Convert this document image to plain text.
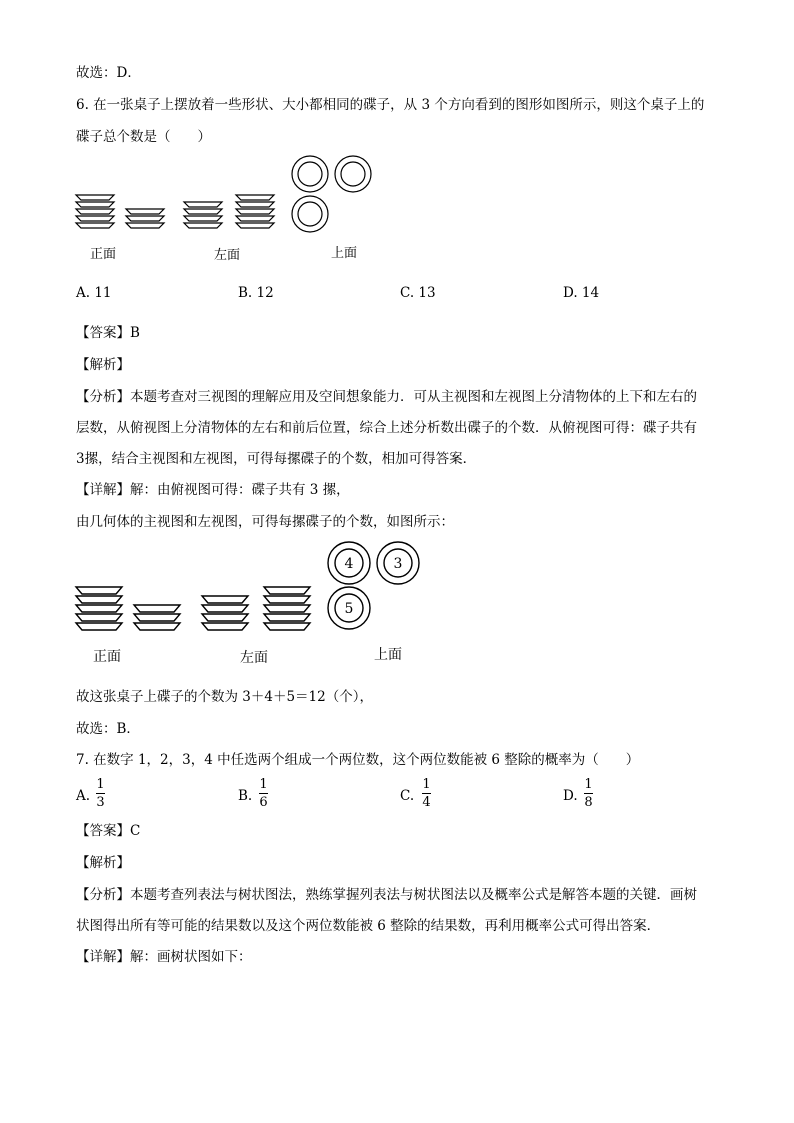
故选：D．
6. 在一张桌子上摆放着一些形状、大小都相同的碟子，从 3 个方向看到的图形如图所示，则这个桌子上的
碟子总个数是（　　）
正面	左面	上面
A. 11	B. 12	C. 13	D. 14
【答案】B
【解析】
【分析】本题考查对三视图的理解应用及空间想象能力．可从主视图和左视图上分清物体的上下和左右的
层数，从俯视图上分清物体的左右和前后位置，综合上述分析数出碟子的个数．从俯视图可得：碟子共有
3摞，结合主视图和左视图，可得每摞碟子的个数，相加可得答案．
【详解】解：由俯视图可得：碟子共有 3 摞，
由几何体的主视图和左视图，可得每摞碟子的个数，如图所示：
4	3
5
正面	左面	上面
故这张桌子上碟子的个数为 3＋4＋5＝12（个），
故选：B．
7. 在数字 1，2，3，4 中任选两个组成一个两位数，这个两位数能被 6 整除的概率为（　　）
A.
1
3	B.
1
6	C.
1
4	D.
1
8
【答案】C
【解析】
【分析】本题考查列表法与树状图法，熟练掌握列表法与树状图法以及概率公式是解答本题的关键．画树
状图得出所有等可能的结果数以及这个两位数能被 6 整除的结果数，再利用概率公式可得出答案．
【详解】解：画树状图如下：
